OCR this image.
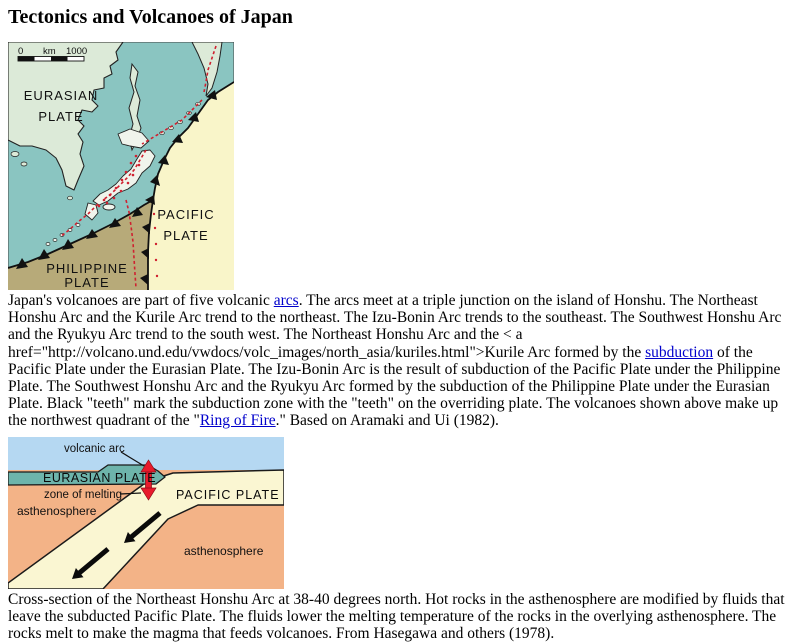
Tectonics and Volcanoes of Japan
0 km 1000
EURASIAN
PLATE
PACIFIC
PLATE
PHILIPPINE
PLATE

Japan's volcanoes are part of five volcanic arcs. The arcs meet at a triple junction on the island of Honshu. The Northeast Honshu Arc and the Kurile Arc trend to the northeast. The Izu-Bonin Arc trends to the southeast. The Southwest Honshu Arc and the Ryukyu Arc trend to the south west. The Northeast Honshu Arc and the < a href="http://volcano.und.edu/vwdocs/volc_images/north_asia/kuriles.html">Kurile Arc formed by the subduction of the Pacific Plate under the Eurasian Plate. The Izu-Bonin Arc is the result of subduction of the Pacific Plate under the Philippine Plate. The Southwest Honshu Arc and the Ryukyu Arc formed by the subduction of the Philippine Plate under the Eurasian Plate. Black "teeth" mark the subduction zone with the "teeth" on the overriding plate. The volcanoes shown above make up the northwest quadrant of the "Ring of Fire." Based on Aramaki and Ui (1982).

volcanic arc
EURASIAN PLATE
zone of melting	PACIFIC PLATE
asthenosphere
asthenosphere

Cross-section of the Northeast Honshu Arc at 38-40 degrees north. Hot rocks in the asthenosphere are modified by fluids that leave the subducted Pacific Plate. The fluids lower the melting temperature of the rocks in the overlying asthenosphere. The rocks melt to make the magma that feeds volcanoes. From Hasegawa and others (1978).
